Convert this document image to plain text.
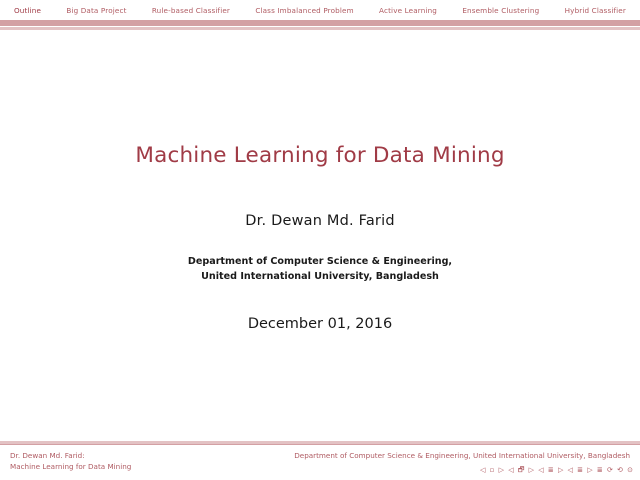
Outline	Big Data Project	Rule-based Classifier	Class Imbalanced Problem	Active Learning	Ensemble Clustering	Hybrid Classifier
Machine Learning for Data Mining
Dr. Dewan Md. Farid
Department of Computer Science & Engineering,
United International University, Bangladesh
December 01, 2016
Dr. Dewan Md. Farid:
Machine Learning for Data Mining
Department of Computer Science & Engineering, United International University, Bangladesh
◁ ▫ ▷ ◁ 🗗 ▷ ◁ ≣ ▷ ◁ ≣ ▷ ≣ ⟳ ⟲ ⊙
